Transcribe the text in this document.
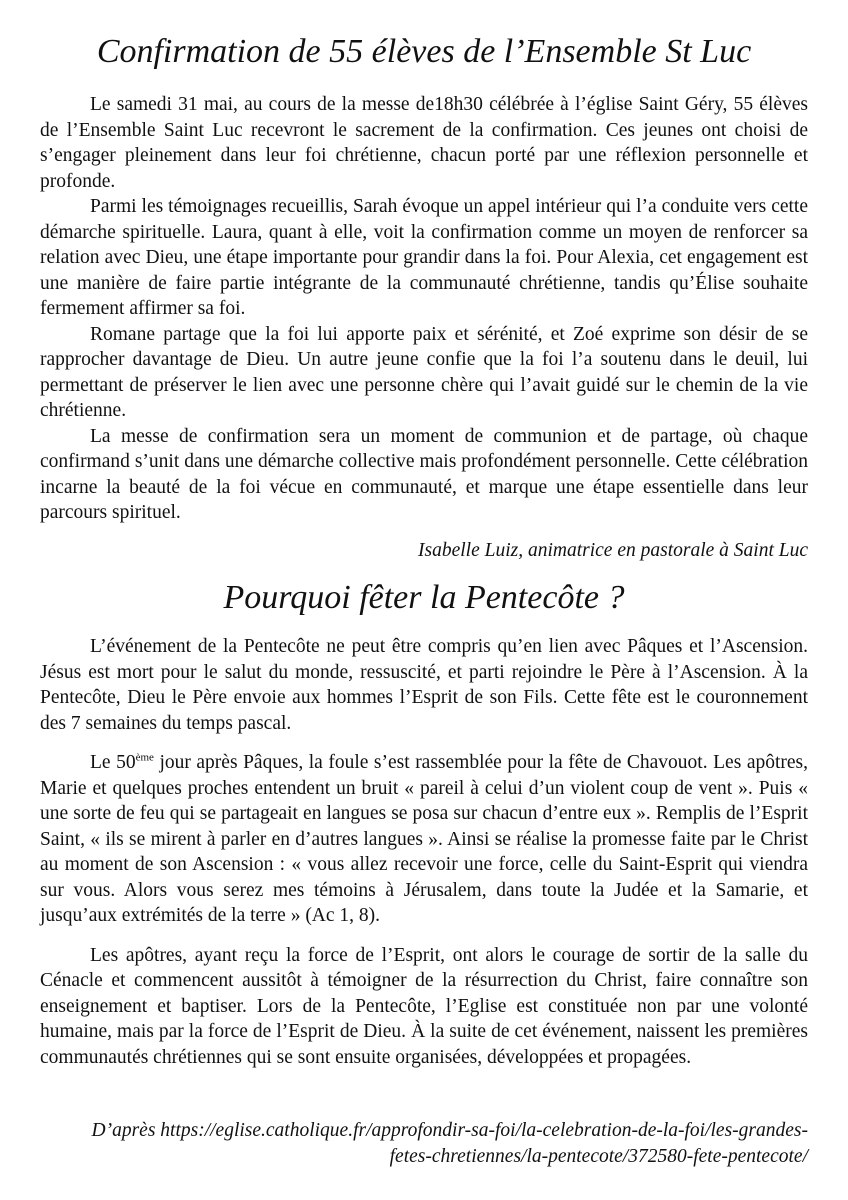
Confirmation de 55 élèves de l’Ensemble St Luc

Le samedi 31 mai, au cours de la messe de18h30 célébrée à l’église Saint Géry, 55 élèves de l’Ensemble Saint Luc recevront le sacrement de la confirmation. Ces jeunes ont choisi de s’engager pleinement dans leur foi chrétienne, chacun porté par une réflexion personnelle et profonde.

Parmi les témoignages recueillis, Sarah évoque un appel intérieur qui l’a conduite vers cette démarche spirituelle. Laura, quant à elle, voit la confirmation comme un moyen de renforcer sa relation avec Dieu, une étape importante pour grandir dans la foi. Pour Alexia, cet engagement est une manière de faire partie intégrante de la communauté chrétienne, tandis qu’Élise souhaite fermement affirmer sa foi.

Romane partage que la foi lui apporte paix et sérénité, et Zoé exprime son désir de se rapprocher davantage de Dieu. Un autre jeune confie que la foi l’a soutenu dans le deuil, lui permettant de préserver le lien avec une personne chère qui l’avait guidé sur le chemin de la vie chrétienne.

La messe de confirmation sera un moment de communion et de partage, où chaque confirmand s’unit dans une démarche collective mais profondément personnelle. Cette célébration incarne la beauté de la foi vécue en communauté, et marque une étape essentielle dans leur parcours spirituel.

Isabelle Luiz, animatrice en pastorale à Saint Luc
Pourquoi fêter la Pentecôte ?

L’événement de la Pentecôte ne peut être compris qu’en lien avec Pâques et l’Ascension. Jésus est mort pour le salut du monde, ressuscité, et parti rejoindre le Père à l’Ascension. À la Pentecôte, Dieu le Père envoie aux hommes l’Esprit de son Fils. Cette fête est le couronnement des 7 semaines du temps pascal.

Le 50ème jour après Pâques, la foule s’est rassemblée pour la fête de Chavouot. Les apôtres, Marie et quelques proches entendent un bruit « pareil à celui d’un violent coup de vent ». Puis « une sorte de feu qui se partageait en langues se posa sur chacun d’entre eux ». Remplis de l’Esprit Saint, « ils se mirent à parler en d’autres langues ». Ainsi se réalise la promesse faite par le Christ au moment de son Ascension : « vous allez recevoir une force, celle du Saint-Esprit qui viendra sur vous. Alors vous serez mes témoins à Jérusalem, dans toute la Judée et la Samarie, et jusqu’aux extrémités de la terre » (Ac 1, 8).

Les apôtres, ayant reçu la force de l’Esprit, ont alors le courage de sortir de la salle du Cénacle et commencent aussitôt à témoigner de la résurrection du Christ, faire connaître son enseignement et baptiser. Lors de la Pentecôte, l’Eglise est constituée non par une volonté humaine, mais par la force de l’Esprit de Dieu. À la suite de cet événement, naissent les premières communautés chrétiennes qui se sont ensuite organisées, développées et propagées.

D’après https://eglise.catholique.fr/approfondir-sa-foi/la-celebration-de-la-foi/les-grandes-
fetes-chretiennes/la-pentecote/372580-fete-pentecote/
